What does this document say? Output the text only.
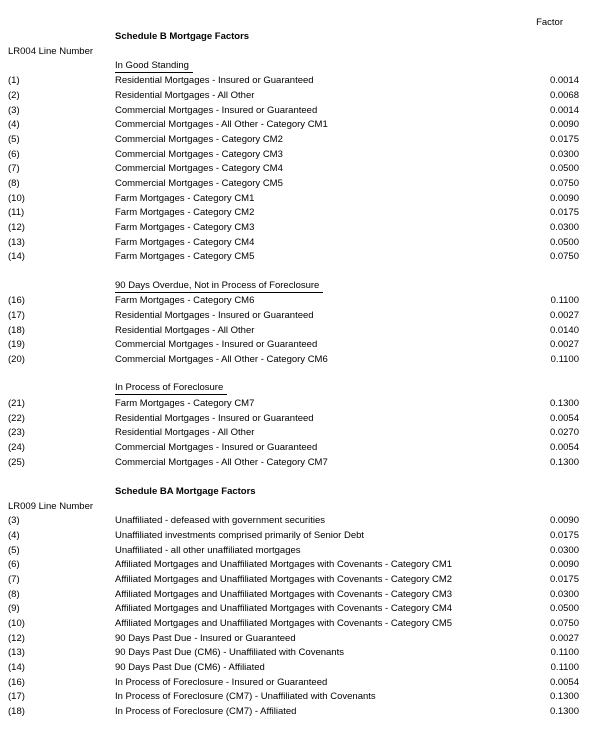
Factor
Schedule B Mortgage Factors
LR004 Line Number
In Good Standing
(1)	Residential Mortgages - Insured or Guaranteed	0.0014
(2)	Residential Mortgages - All Other	0.0068
(3)	Commercial Mortgages - Insured or Guaranteed	0.0014
(4)	Commercial Mortgages - All Other - Category CM1	0.0090
(5)	Commercial Mortgages - Category CM2	0.0175
(6)	Commercial Mortgages - Category CM3	0.0300
(7)	Commercial Mortgages - Category CM4	0.0500
(8)	Commercial Mortgages - Category CM5	0.0750
(10)	Farm Mortgages - Category CM1	0.0090
(11)	Farm Mortgages - Category CM2	0.0175
(12)	Farm Mortgages - Category CM3	0.0300
(13)	Farm Mortgages - Category CM4	0.0500
(14)	Farm Mortgages - Category CM5	0.0750
90 Days Overdue, Not in Process of Foreclosure
(16)	Farm Mortgages - Category CM6	0.1100
(17)	Residential Mortgages - Insured or Guaranteed	0.0027
(18)	Residential Mortgages - All Other	0.0140
(19)	Commercial Mortgages - Insured or Guaranteed	0.0027
(20)	Commercial Mortgages - All Other - Category CM6	0.1100
In Process of Foreclosure
(21)	Farm Mortgages - Category CM7	0.1300
(22)	Residential Mortgages - Insured or Guaranteed	0.0054
(23)	Residential Mortgages - All Other	0.0270
(24)	Commercial Mortgages - Insured or Guaranteed	0.0054
(25)	Commercial Mortgages - All Other - Category CM7	0.1300
Schedule BA Mortgage Factors
LR009 Line Number
(3)	Unaffiliated - defeased with government securities	0.0090
(4)	Unaffiliated investments comprised primarily of Senior Debt	0.0175
(5)	Unaffiliated - all other unaffiliated mortgages	0.0300
(6)	Affiliated Mortgages and Unaffiliated Mortgages with Covenants - Category CM1	0.0090
(7)	Affiliated Mortgages and Unaffiliated Mortgages with Covenants - Category CM2	0.0175
(8)	Affiliated Mortgages and Unaffiliated Mortgages with Covenants - Category CM3	0.0300
(9)	Affiliated Mortgages and Unaffiliated Mortgages with Covenants - Category CM4	0.0500
(10)	Affiliated Mortgages and Unaffiliated Mortgages with Covenants - Category CM5	0.0750
(12)	90 Days Past Due - Insured or Guaranteed	0.0027
(13)	90 Days Past Due (CM6) - Unaffiliated with Covenants	0.1100
(14)	90 Days Past Due (CM6) - Affiliated	0.1100
(16)	In Process of Foreclosure - Insured or Guaranteed	0.0054
(17)	In Process of Foreclosure (CM7) - Unaffiliated with Covenants	0.1300
(18)	In Process of Foreclosure (CM7) - Affiliated	0.1300
